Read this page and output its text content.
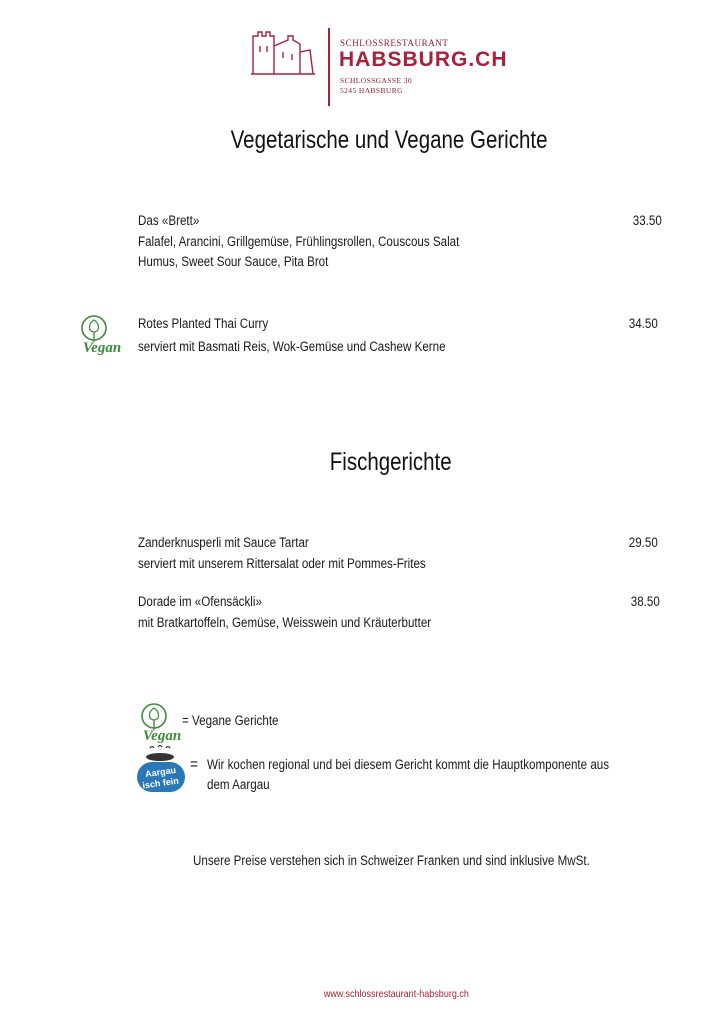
SCHLOSSRESTAURANT
HABSBURG.CH
SCHLOSSGASSE 30
5245 HABSBURG
Vegetarische und Vegane Gerichte
Das «Brett»	33.50
Falafel, Arancini, Grillgemüse, Frühlingsrollen, Couscous Salat
Humus, Sweet Sour Sauce, Pita Brot
Vegan
Rotes Planted Thai Curry	34.50
serviert mit Basmati Reis, Wok-Gemüse und Cashew Kerne
Fischgerichte
Zanderknusperli mit Sauce Tartar	29.50
serviert mit unserem Rittersalat oder mit Pommes-Frites
Dorade im «Ofensäckli»	38.50
mit Bratkartoffeln, Gemüse, Weisswein und Kräuterbutter
Vegan
= Vegane Gerichte
Aargau
isch fein
= Wir kochen regional und bei diesem Gericht kommt die Hauptkomponente aus
dem Aargau
Unsere Preise verstehen sich in Schweizer Franken und sind inklusive MwSt.
www.schlossrestaurant-habsburg.ch
